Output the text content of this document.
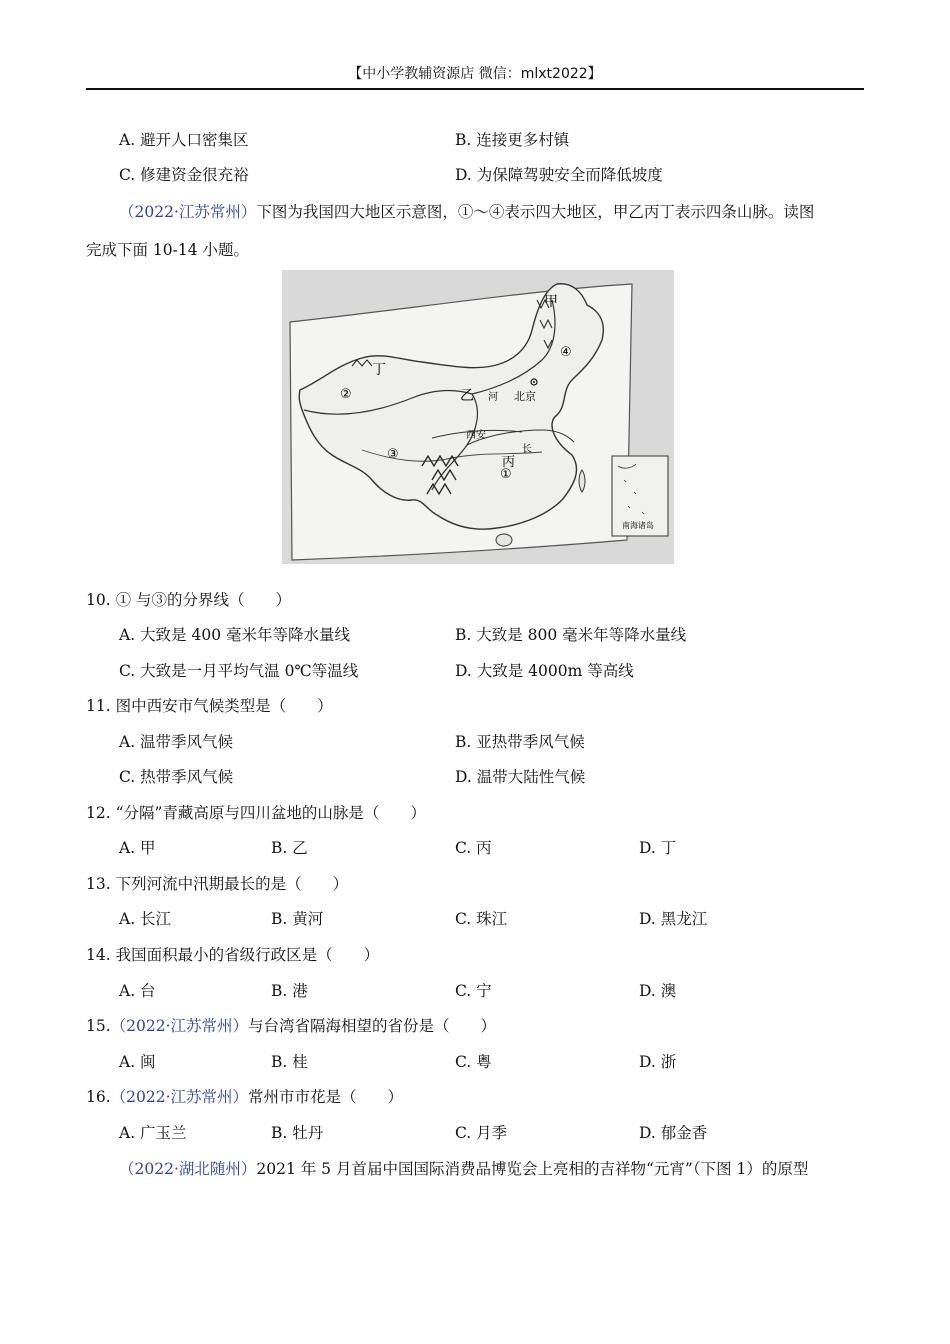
【中小学教辅资源店 微信：mlxt2022】
A. 避开人口密集区	B. 连接更多村镇
C. 修建资金很充裕	D. 为保障驾驶安全而降低坡度
（2022·江苏常州）下图为我国四大地区示意图，①～④表示四大地区，甲乙丙丁表示四条山脉。读图
完成下面 10-14 小题。
甲
乙
丙
丁
①
②
③
④
北京
西安
河
长
南海诸岛
10. ① 与③的分界线（　　）
A. 大致是 400 毫米年等降水量线	B. 大致是 800 毫米年等降水量线
C. 大致是一月平均气温 0℃等温线	D. 大致是 4000m 等高线
11. 图中西安市气候类型是（　　）
A. 温带季风气候	B. 亚热带季风气候
C. 热带季风气候	D. 温带大陆性气候
12. “分隔”青藏高原与四川盆地的山脉是（　　）
A. 甲	B. 乙	C. 丙	D. 丁
13. 下列河流中汛期最长的是（　　）
A. 长江	B. 黄河	C. 珠江	D. 黑龙江
14. 我国面积最小的省级行政区是（　　）
A. 台	B. 港	C. 宁	D. 澳
15.（2022·江苏常州）与台湾省隔海相望的省份是（　　）
A. 闽	B. 桂	C. 粤	D. 浙
16.（2022·江苏常州）常州市市花是（　　）
A. 广玉兰	B. 牡丹	C. 月季	D. 郁金香
（2022·湖北随州）2021 年 5 月首届中国国际消费品博览会上亮相的吉祥物“元宵”（下图 1）的原型
